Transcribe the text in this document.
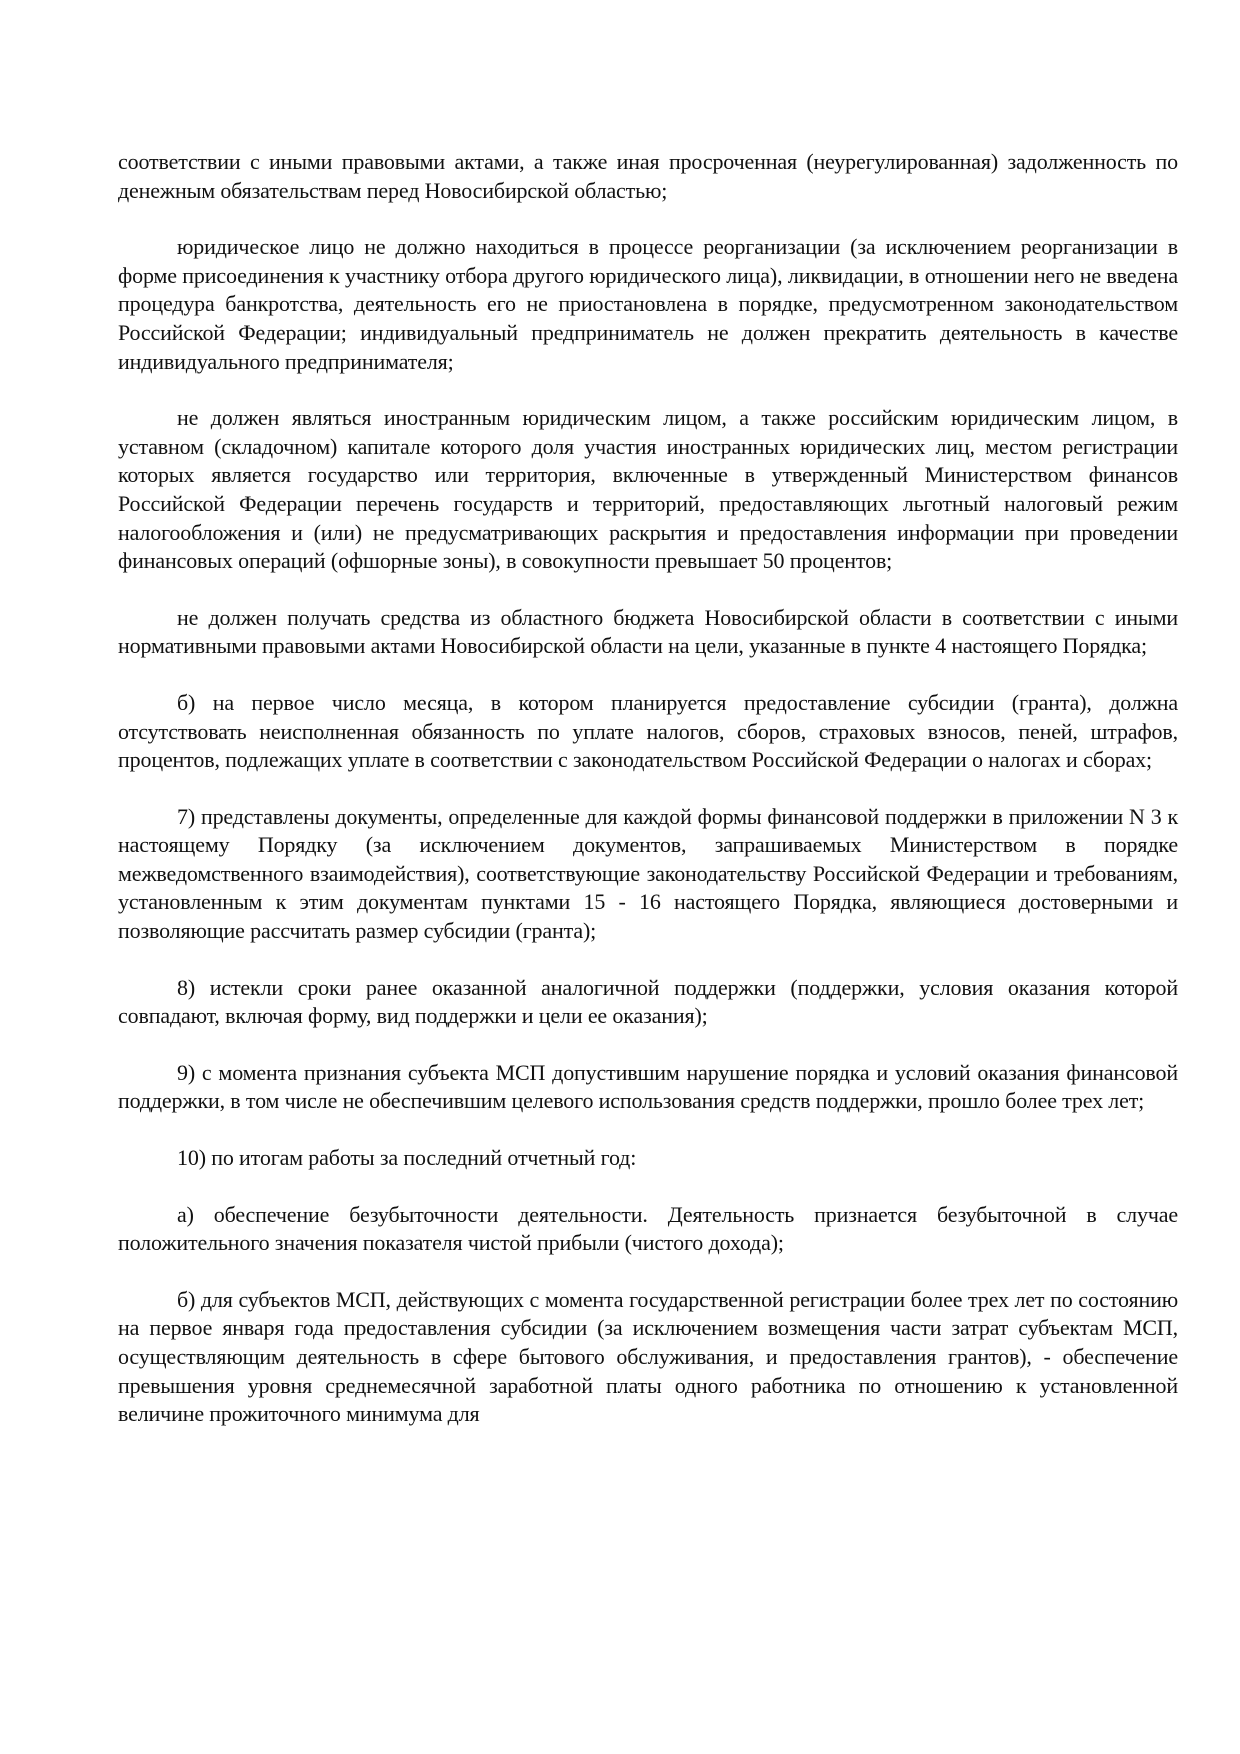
соответствии с иными правовыми актами, а также иная просроченная (неурегулированная) задолженность по денежным обязательствам перед Новосибирской областью;

юридическое лицо не должно находиться в процессе реорганизации (за исключением реорганизации в форме присоединения к участнику отбора другого юридического лица), ликвидации, в отношении него не введена процедура банкротства, деятельность его не приостановлена в порядке, предусмотренном законодательством Российской Федерации; индивидуальный предприниматель не должен прекратить деятельность в качестве индивидуального предпринимателя;

не должен являться иностранным юридическим лицом, а также российским юридическим лицом, в уставном (складочном) капитале которого доля участия иностранных юридических лиц, местом регистрации которых является государство или территория, включенные в утвержденный Министерством финансов Российской Федерации перечень государств и территорий, предоставляющих льготный налоговый режим налогообложения и (или) не предусматривающих раскрытия и предоставления информации при проведении финансовых операций (офшорные зоны), в совокупности превышает 50 процентов;

не должен получать средства из областного бюджета Новосибирской области в соответствии с иными нормативными правовыми актами Новосибирской области на цели, указанные в пункте 4 настоящего Порядка;

б) на первое число месяца, в котором планируется предоставление субсидии (гранта), должна отсутствовать неисполненная обязанность по уплате налогов, сборов, страховых взносов, пеней, штрафов, процентов, подлежащих уплате в соответствии с законодательством Российской Федерации о налогах и сборах;

7) представлены документы, определенные для каждой формы финансовой поддержки в приложении N 3 к настоящему Порядку (за исключением документов, запрашиваемых Министерством в порядке межведомственного взаимодействия), соответствующие законодательству Российской Федерации и требованиям, установленным к этим документам пунктами 15 - 16 настоящего Порядка, являющиеся достоверными и позволяющие рассчитать размер субсидии (гранта);

8) истекли сроки ранее оказанной аналогичной поддержки (поддержки, условия оказания которой совпадают, включая форму, вид поддержки и цели ее оказания);

9) с момента признания субъекта МСП допустившим нарушение порядка и условий оказания финансовой поддержки, в том числе не обеспечившим целевого использования средств поддержки, прошло более трех лет;

10) по итогам работы за последний отчетный год:

а) обеспечение безубыточности деятельности. Деятельность признается безубыточной в случае положительного значения показателя чистой прибыли (чистого дохода);

б) для субъектов МСП, действующих с момента государственной регистрации более трех лет по состоянию на первое января года предоставления субсидии (за исключением возмещения части затрат субъектам МСП, осуществляющим деятельность в сфере бытового обслуживания, и предоставления грантов), - обеспечение превышения уровня среднемесячной заработной платы одного работника по отношению к установленной величине прожиточного минимума для
